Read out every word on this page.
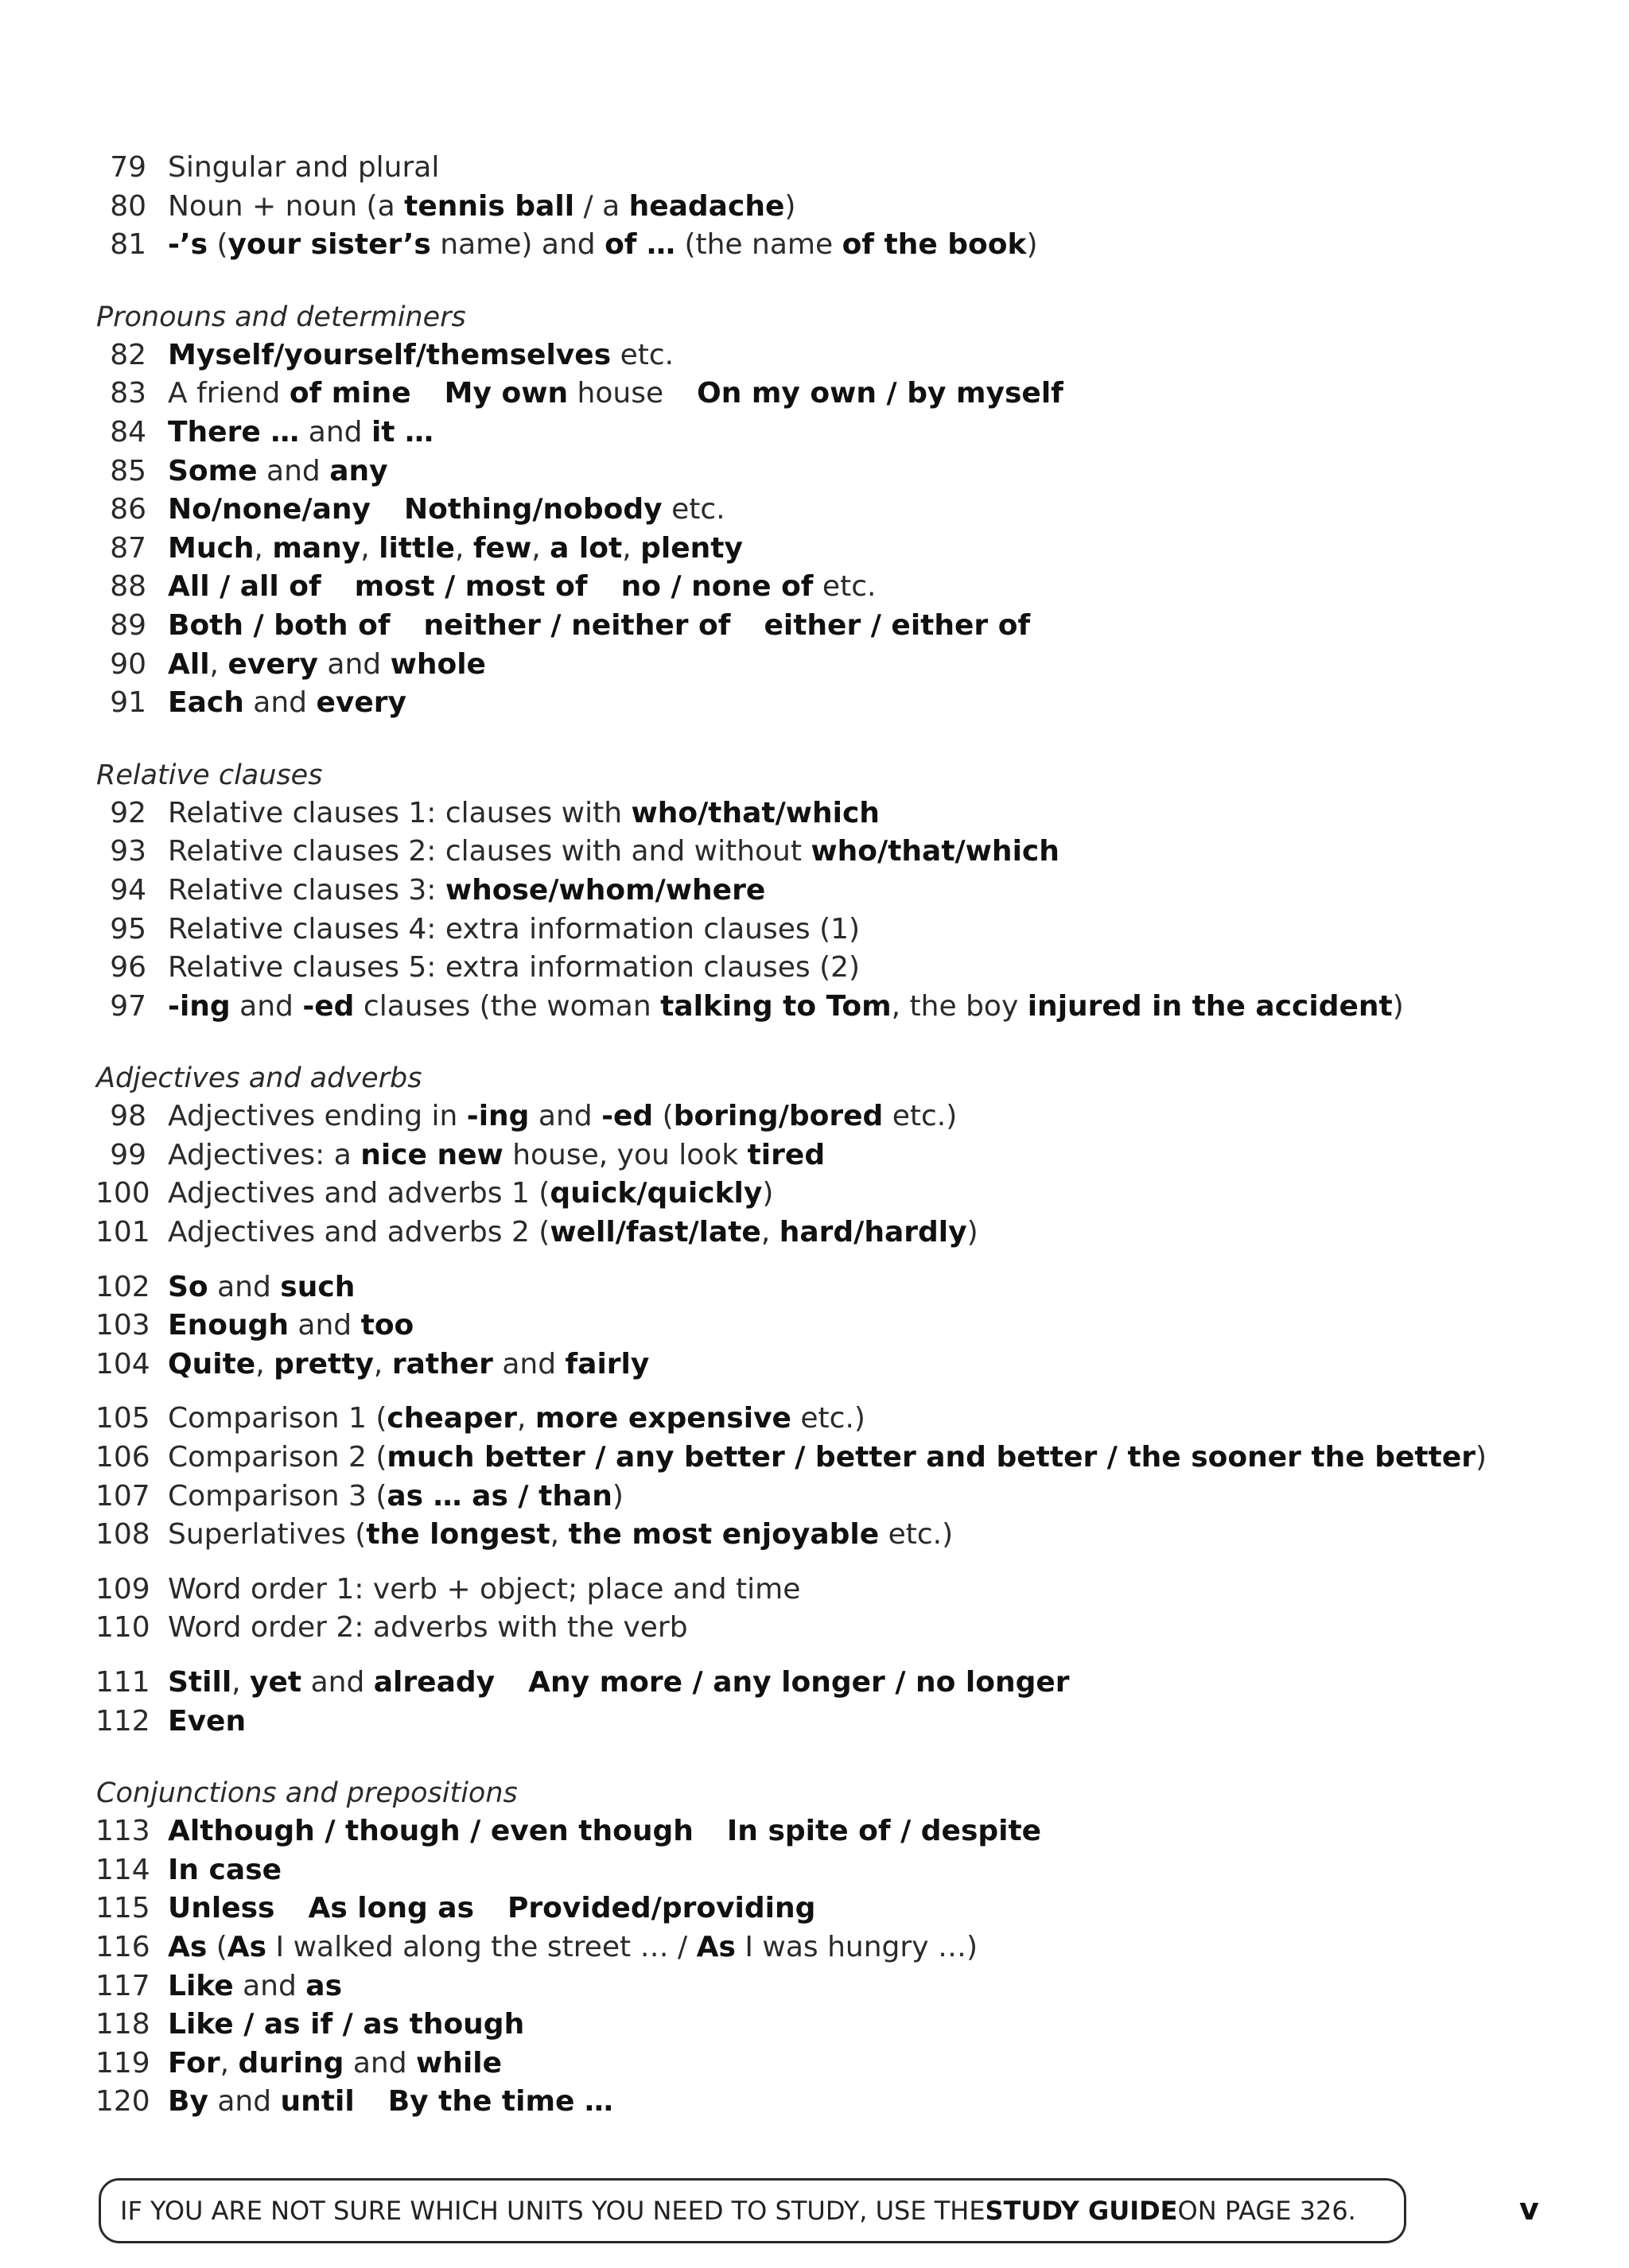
79 Singular and plural
80 Noun + noun (a tennis ball / a headache)
81 -’s (your sister’s name) and of … (the name of the book)
Pronouns and determiners
82 Myself/yourself/themselves etc.
83 A friend of mine My own house On my own / by myself
84 There … and it …
85 Some and any
86 No/none/any Nothing/nobody etc.
87 Much, many, little, few, a lot, plenty
88 All / all of most / most of no / none of etc.
89 Both / both of neither / neither of either / either of
90 All, every and whole
91 Each and every
Relative clauses
92 Relative clauses 1: clauses with who/that/which
93 Relative clauses 2: clauses with and without who/that/which
94 Relative clauses 3: whose/whom/where
95 Relative clauses 4: extra information clauses (1)
96 Relative clauses 5: extra information clauses (2)
97 -ing and -ed clauses (the woman talking to Tom, the boy injured in the accident)
Adjectives and adverbs
98 Adjectives ending in -ing and -ed (boring/bored etc.)
99 Adjectives: a nice new house, you look tired
100 Adjectives and adverbs 1 (quick/quickly)
101 Adjectives and adverbs 2 (well/fast/late, hard/hardly)
102 So and such
103 Enough and too
104 Quite, pretty, rather and fairly
105 Comparison 1 (cheaper, more expensive etc.)
106 Comparison 2 (much better / any better / better and better / the sooner the better)
107 Comparison 3 (as … as / than)
108 Superlatives (the longest, the most enjoyable etc.)
109 Word order 1: verb + object; place and time
110 Word order 2: adverbs with the verb
111 Still, yet and already Any more / any longer / no longer
112 Even
Conjunctions and prepositions
113 Although / though / even though In spite of / despite
114 In case
115 Unless As long as Provided/providing
116 As (As I walked along the street … / As I was hungry …)
117 Like and as
118 Like / as if / as though
119 For, during and while
120 By and until By the time …
IF YOU ARE NOT SURE WHICH UNITS YOU NEED TO STUDY, USE THE STUDY GUIDE ON PAGE 326.	v
